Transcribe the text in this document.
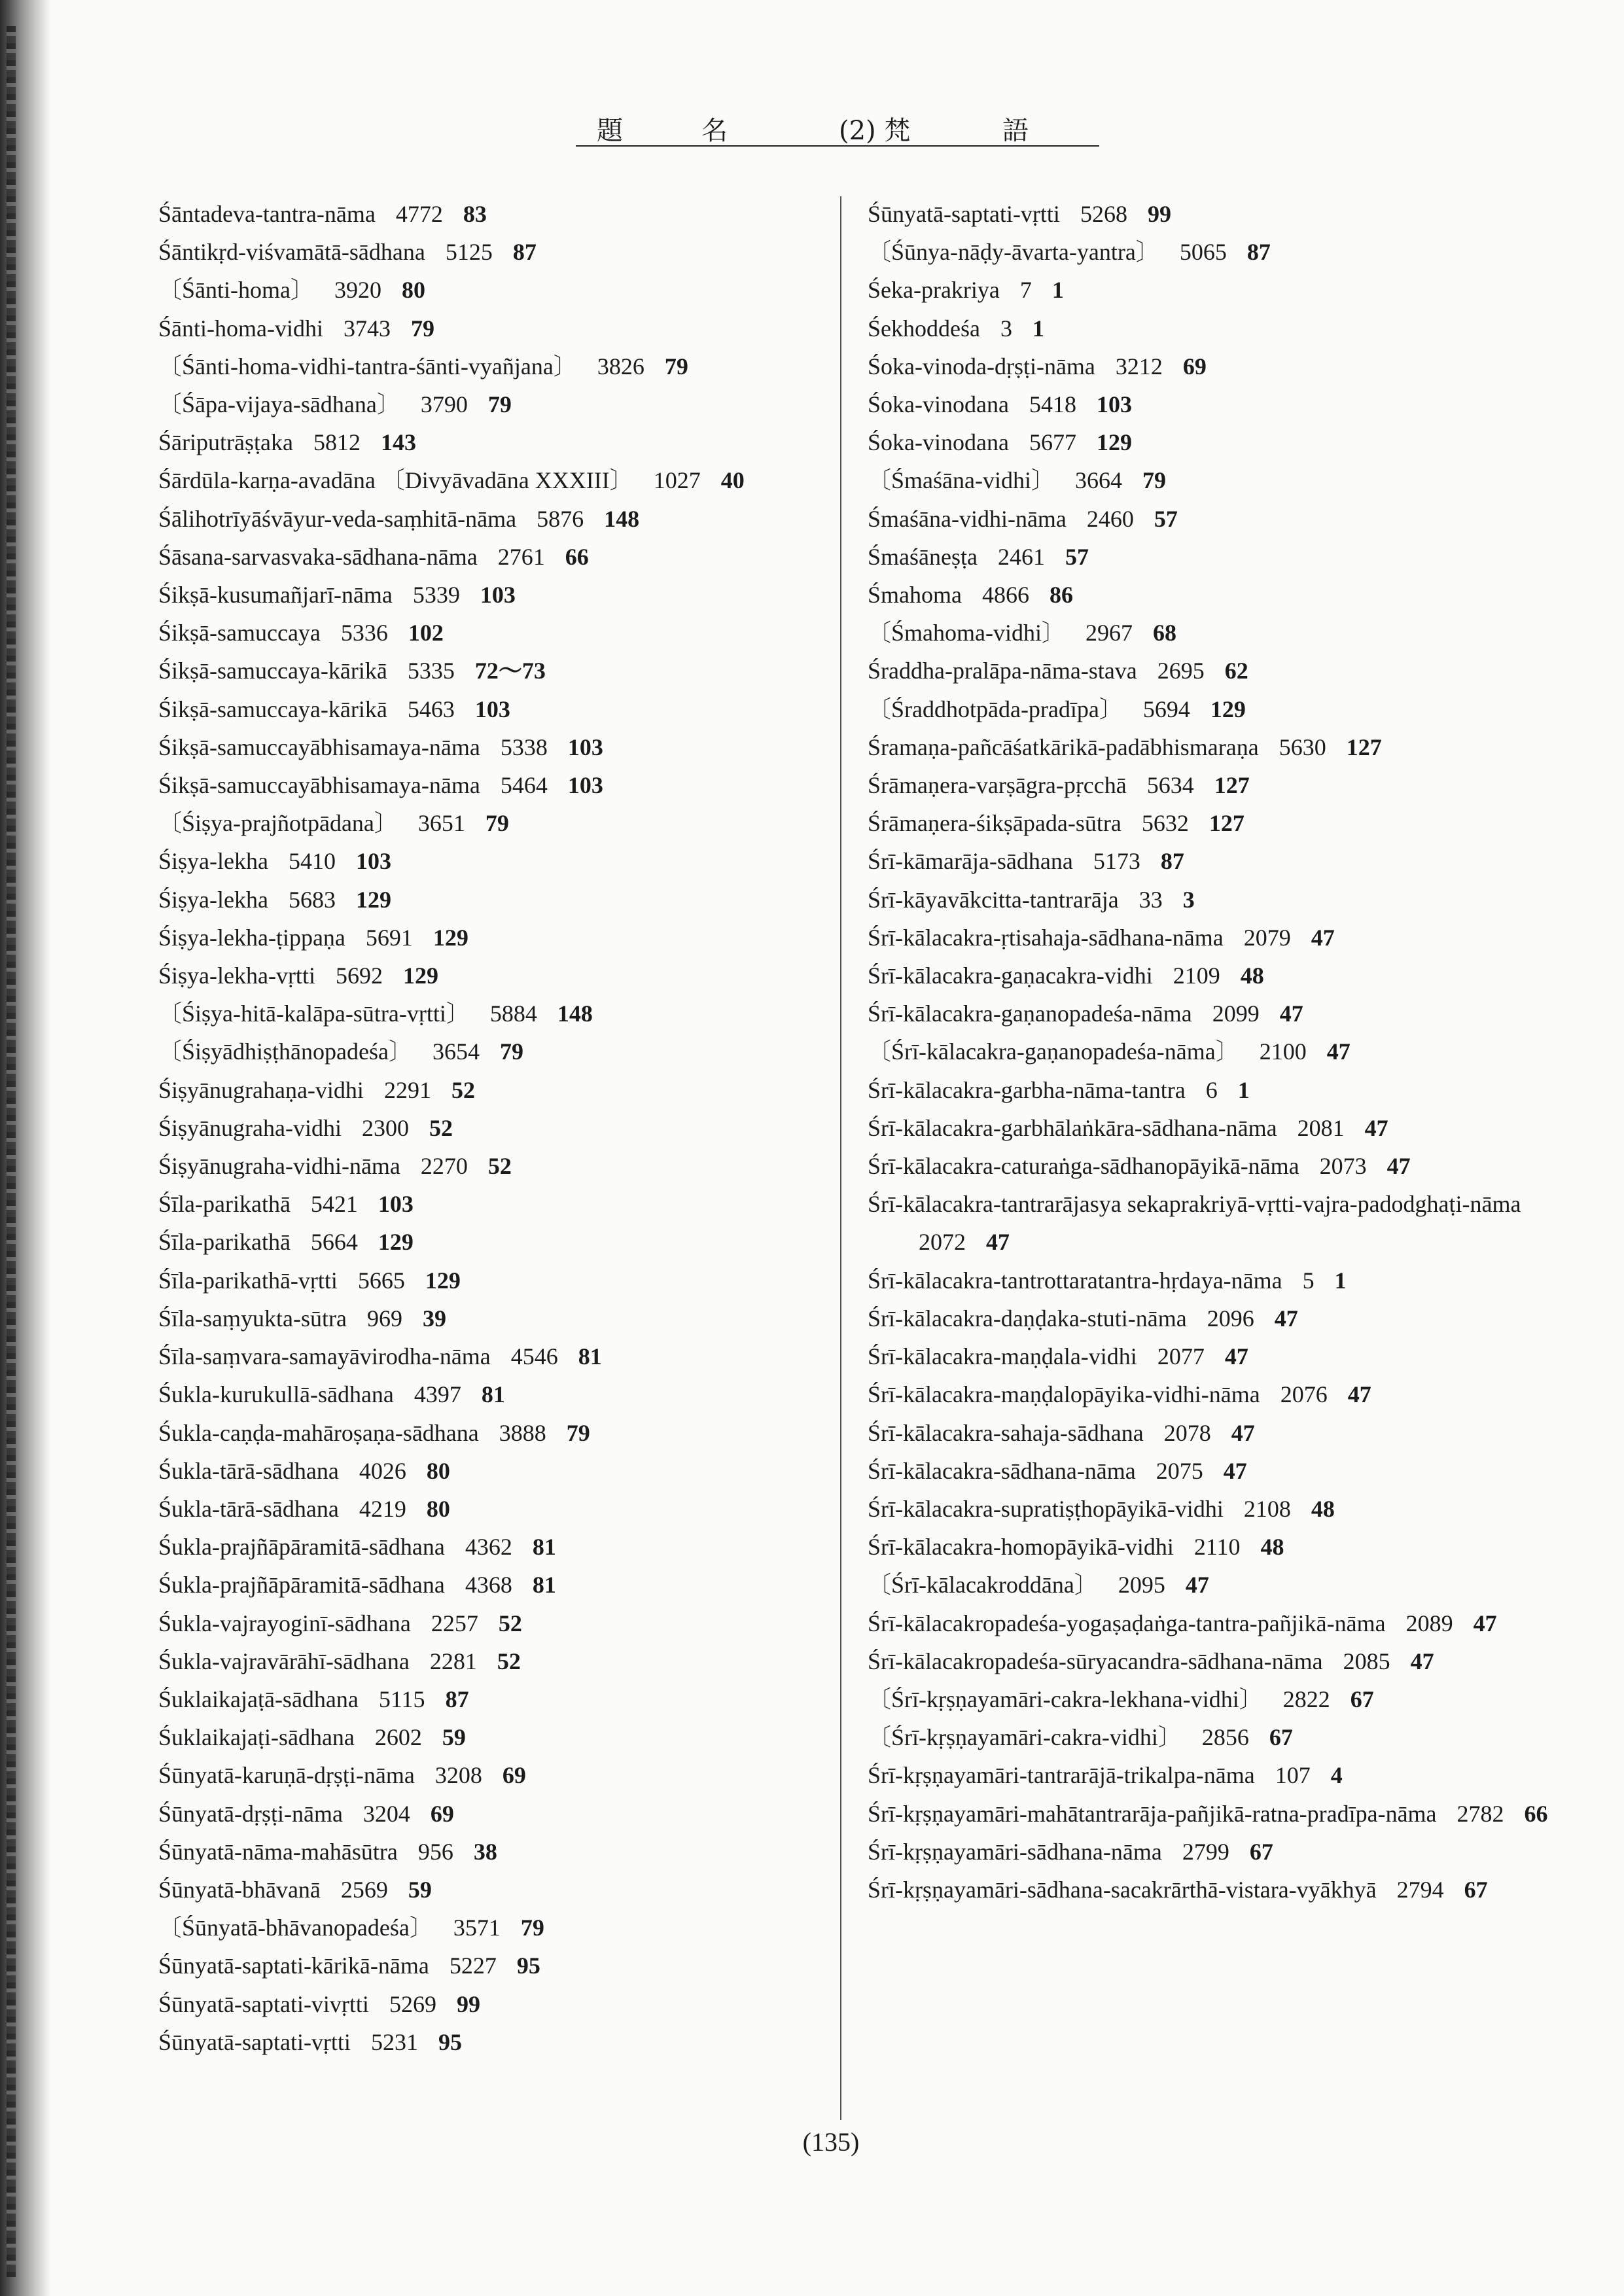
題	名	(2) 梵	語
Śāntadeva-tantra-nāma 4772 83
Śāntikṛd-viśvamātā-sādhana 5125 87
〔Śānti-homa〕 3920 80
Śānti-homa-vidhi 3743 79
〔Śānti-homa-vidhi-tantra-śānti-vyañjana〕 3826 79
〔Śāpa-vijaya-sādhana〕 3790 79
Śāriputrāṣṭaka 5812 143
Śārdūla-karṇa-avadāna 〔Divyāvadāna XXXIII〕 1027 40
Śālihotrīyāśvāyur-veda-saṃhitā-nāma 5876 148
Śāsana-sarvasvaka-sādhana-nāma 2761 66
Śikṣā-kusumañjarī-nāma 5339 103
Śikṣā-samuccaya 5336 102
Śikṣā-samuccaya-kārikā 5335 72〜73
Śikṣā-samuccaya-kārikā 5463 103
Śikṣā-samuccayābhisamaya-nāma 5338 103
Śikṣā-samuccayābhisamaya-nāma 5464 103
〔Śiṣya-prajñotpādana〕 3651 79
Śiṣya-lekha 5410 103
Śiṣya-lekha 5683 129
Śiṣya-lekha-ṭippaṇa 5691 129
Śiṣya-lekha-vṛtti 5692 129
〔Śiṣya-hitā-kalāpa-sūtra-vṛtti〕 5884 148
〔Śiṣyādhiṣṭhānopadeśa〕 3654 79
Śiṣyānugrahaṇa-vidhi 2291 52
Śiṣyānugraha-vidhi 2300 52
Śiṣyānugraha-vidhi-nāma 2270 52
Śīla-parikathā 5421 103
Śīla-parikathā 5664 129
Śīla-parikathā-vṛtti 5665 129
Śīla-saṃyukta-sūtra 969 39
Śīla-saṃvara-samayāvirodha-nāma 4546 81
Śukla-kurukullā-sādhana 4397 81
Śukla-caṇḍa-mahāroṣaṇa-sādhana 3888 79
Śukla-tārā-sādhana 4026 80
Śukla-tārā-sādhana 4219 80
Śukla-prajñāpāramitā-sādhana 4362 81
Śukla-prajñāpāramitā-sādhana 4368 81
Śukla-vajrayoginī-sādhana 2257 52
Śukla-vajravārāhī-sādhana 2281 52
Śuklaikajaṭā-sādhana 5115 87
Śuklaikajaṭi-sādhana 2602 59
Śūnyatā-karuṇā-dṛṣṭi-nāma 3208 69
Śūnyatā-dṛṣṭi-nāma 3204 69
Śūnyatā-nāma-mahāsūtra 956 38
Śūnyatā-bhāvanā 2569 59
〔Śūnyatā-bhāvanopadeśa〕 3571 79
Śūnyatā-saptati-kārikā-nāma 5227 95
Śūnyatā-saptati-vivṛtti 5269 99
Śūnyatā-saptati-vṛtti 5231 95
Śūnyatā-saptati-vṛtti 5268 99
〔Śūnya-nāḍy-āvarta-yantra〕 5065 87
Śeka-prakriya 7 1
Śekhoddeśa 3 1
Śoka-vinoda-dṛṣṭi-nāma 3212 69
Śoka-vinodana 5418 103
Śoka-vinodana 5677 129
〔Śmaśāna-vidhi〕 3664 79
Śmaśāna-vidhi-nāma 2460 57
Śmaśāneṣṭa 2461 57
Śmahoma 4866 86
〔Śmahoma-vidhi〕 2967 68
Śraddha-pralāpa-nāma-stava 2695 62
〔Śraddhotpāda-pradīpa〕 5694 129
Śramaṇa-pañcāśatkārikā-padābhismaraṇa 5630 127
Śrāmaṇera-varṣāgra-pṛcchā 5634 127
Śrāmaṇera-śikṣāpada-sūtra 5632 127
Śrī-kāmarāja-sādhana 5173 87
Śrī-kāyavākcitta-tantrarāja 33 3
Śrī-kālacakra-ṛtisahaja-sādhana-nāma 2079 47
Śrī-kālacakra-gaṇacakra-vidhi 2109 48
Śrī-kālacakra-gaṇanopadeśa-nāma 2099 47
〔Śrī-kālacakra-gaṇanopadeśa-nāma〕 2100 47
Śrī-kālacakra-garbha-nāma-tantra 6 1
Śrī-kālacakra-garbhālaṅkāra-sādhana-nāma 2081 47
Śrī-kālacakra-caturaṅga-sādhanopāyikā-nāma 2073 47
Śrī-kālacakra-tantrarājasya sekaprakriyā-vṛtti-vajra-padodghaṭi-nāma 2072 47
Śrī-kālacakra-tantrottaratantra-hṛdaya-nāma 5 1
Śrī-kālacakra-daṇḍaka-stuti-nāma 2096 47
Śrī-kālacakra-maṇḍala-vidhi 2077 47
Śrī-kālacakra-maṇḍalopāyika-vidhi-nāma 2076 47
Śrī-kālacakra-sahaja-sādhana 2078 47
Śrī-kālacakra-sādhana-nāma 2075 47
Śrī-kālacakra-supratiṣṭhopāyikā-vidhi 2108 48
Śrī-kālacakra-homopāyikā-vidhi 2110 48
〔Śrī-kālacakroddāna〕 2095 47
Śrī-kālacakropadeśa-yogaṣaḍaṅga-tantra-pañjikā-nāma 2089 47
Śrī-kālacakropadeśa-sūryacandra-sādhana-nāma 2085 47
〔Śrī-kṛṣṇayamāri-cakra-lekhana-vidhi〕 2822 67
〔Śrī-kṛṣṇayamāri-cakra-vidhi〕 2856 67
Śrī-kṛṣṇayamāri-tantrarājā-trikalpa-nāma 107 4
Śrī-kṛṣṇayamāri-mahātantrarāja-pañjikā-ratna-pradīpa-nāma 2782 66
Śrī-kṛṣṇayamāri-sādhana-nāma 2799 67
Śrī-kṛṣṇayamāri-sādhana-sacakrārthā-vistara-vyākhyā 2794 67
(135)
